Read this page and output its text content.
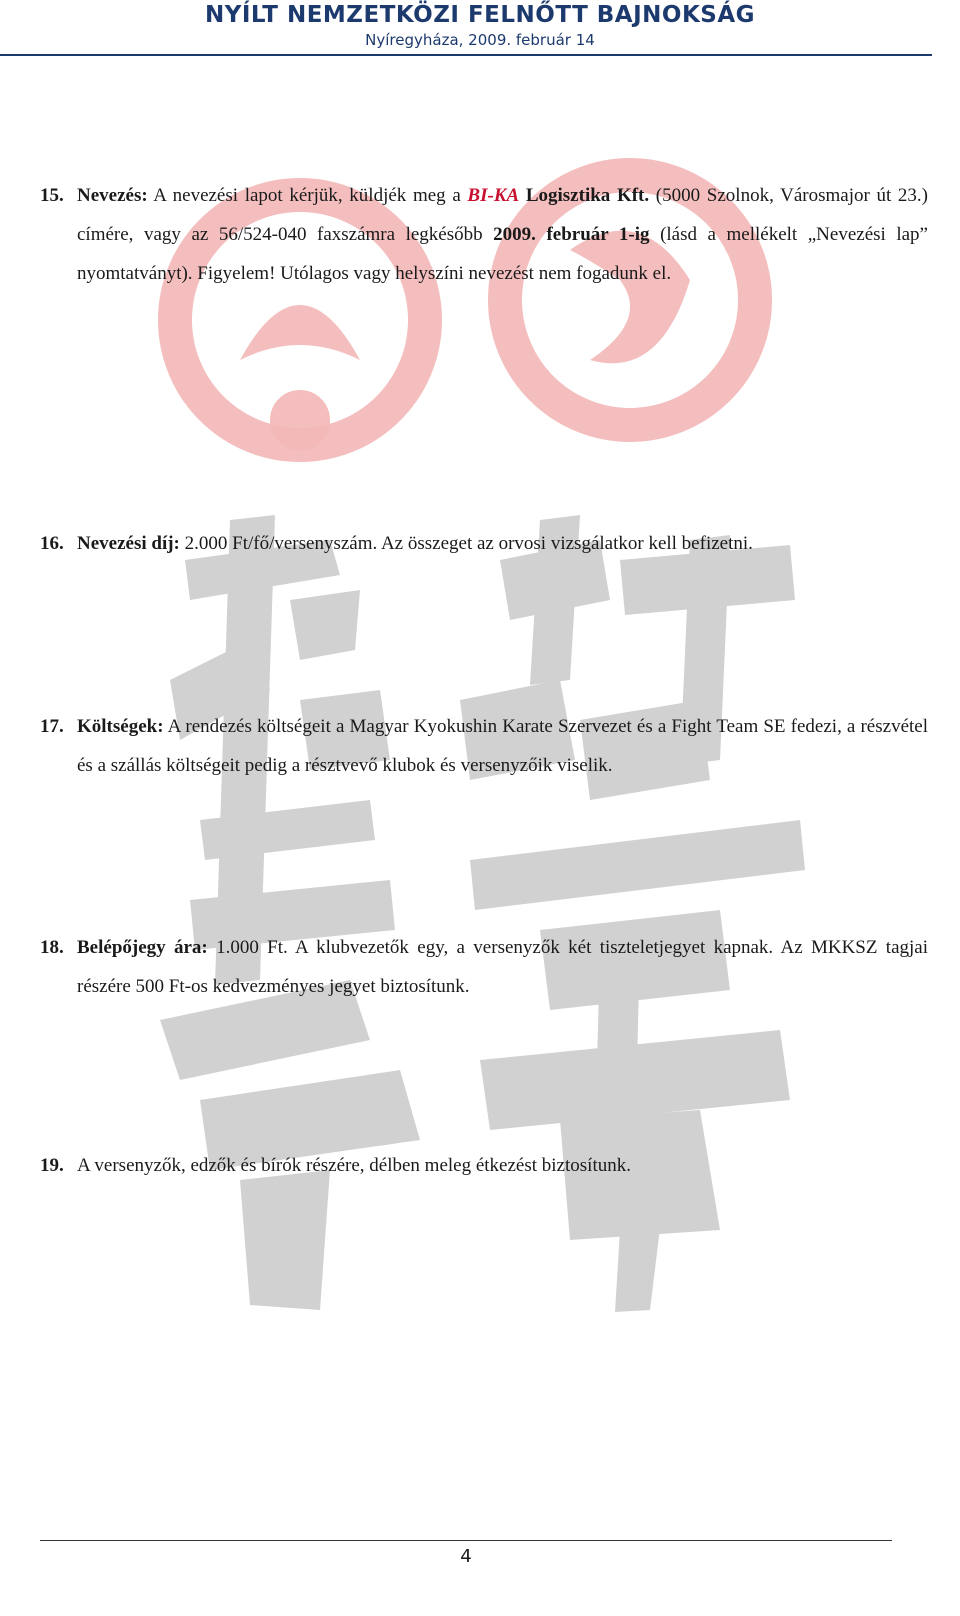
NYÍLT NEMZETKÖZI FELNŐTT BAJNOKSÁG
Nyíregyháza, 2009. február 14
15. Nevezés: A nevezési lapot kérjük, küldjék meg a BI-KA Logisztika Kft. (5000 Szolnok, Városmajor út 23.) címére, vagy az 56/524-040 faxszámra legkésőbb 2009. február 1-ig (lásd a mellékelt „Nevezési lap” nyomtatványt). Figyelem! Utólagos vagy helyszíni nevezést nem fogadunk el.
16. Nevezési díj: 2.000 Ft/fő/versenyszám. Az összeget az orvosi vizsgálatkor kell befizetni.
17. Költségek: A rendezés költségeit a Magyar Kyokushin Karate Szervezet és a Fight Team SE fedezi, a részvétel és a szállás költségeit pedig a résztvevő klubok és versenyzőik viselik.
18. Belépőjegy ára: 1.000 Ft. A klubvezetők egy, a versenyzők két tiszteletjegyet kapnak. Az MKKSZ tagjai részére 500 Ft-os kedvezményes jegyet biztosítunk.
19. A versenyzők, edzők és bírók részére, délben meleg étkezést biztosítunk.
4
